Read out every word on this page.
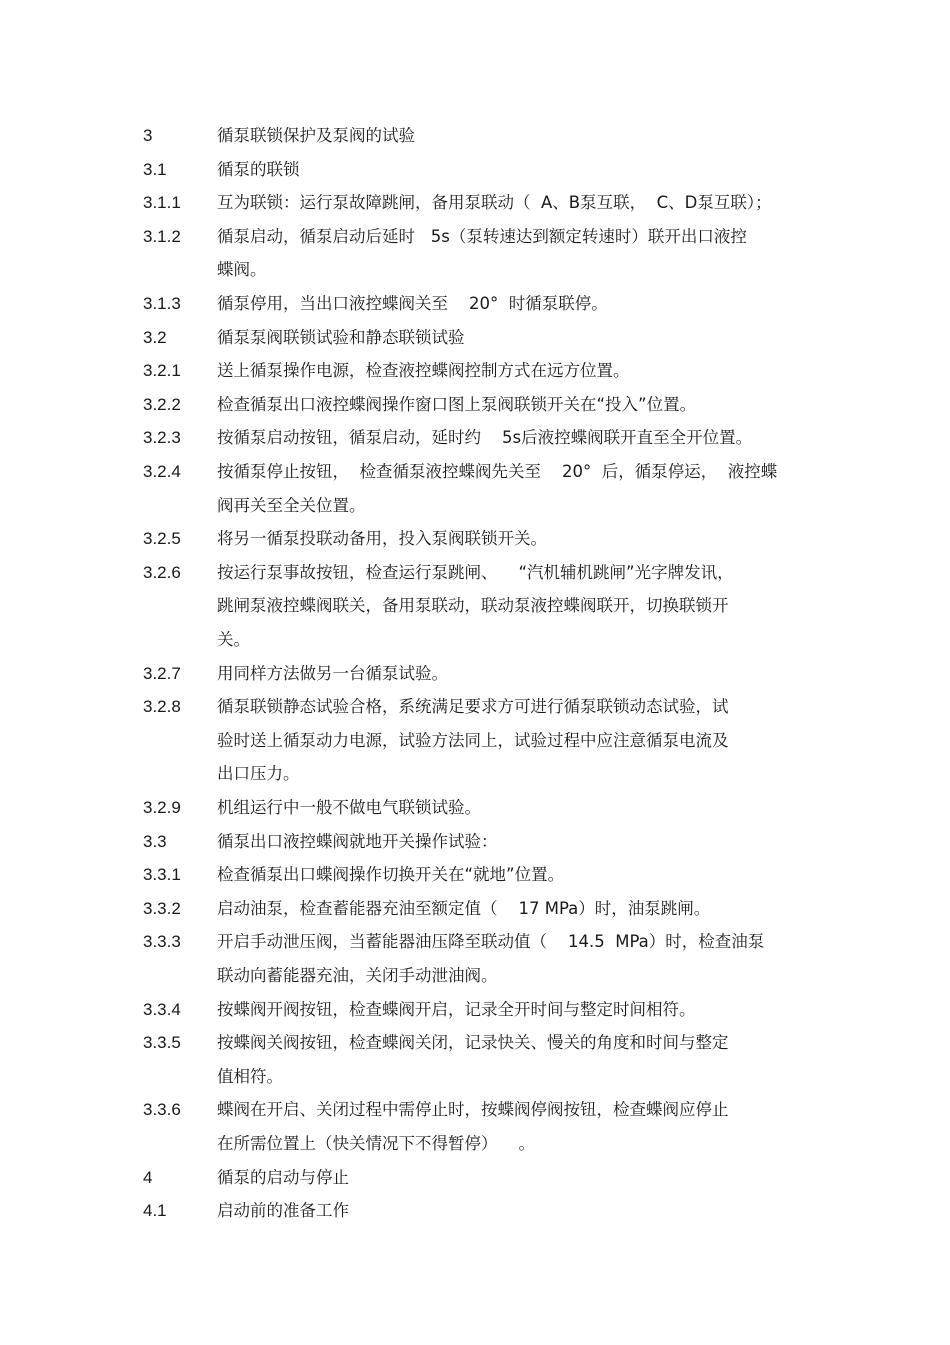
3	循泵联锁保护及泵阀的试验
3.1	循泵的联锁
3.1.1 互为联锁：运行泵故障跳闸，备用泵联动（  A、B泵互联，  C、D泵互联）；
3.1.2 循泵启动，循泵启动后延时   5s（泵转速达到额定转速时）联开出口液控
蝶阀。
3.1.3 循泵停用，当出口液控蝶阀关至    20°  时循泵联停。
3.2	循泵泵阀联锁试验和静态联锁试验
3.2.1 送上循泵操作电源，检查液控蝶阀控制方式在远方位置。
3.2.2 检查循泵出口液控蝶阀操作窗口图上泵阀联锁开关在“投入”位置。
3.2.3 按循泵启动按钮，循泵启动，延时约    5s后液控蝶阀联开直至全开位置。
3.2.4 按循泵停止按钮，  检查循泵液控蝶阀先关至    20°  后，循泵停运，  液控蝶
阀再关至全关位置。
3.2.5 将另一循泵投联动备用，投入泵阀联锁开关。
3.2.6 按运行泵事故按钮，检查运行泵跳闸、    “汽机辅机跳闸”光字牌发讯，
跳闸泵液控蝶阀联关，备用泵联动，联动泵液控蝶阀联开，切换联锁开
关。
3.2.7 用同样方法做另一台循泵试验。
3.2.8 循泵联锁静态试验合格，系统满足要求方可进行循泵联锁动态试验，试
验时送上循泵动力电源，试验方法同上，试验过程中应注意循泵电流及
出口压力。
3.2.9 机组运行中一般不做电气联锁试验。
3.3	循泵出口液控蝶阀就地开关操作试验：
3.3.1 检查循泵出口蝶阀操作切换开关在“就地”位置。
3.3.2 启动油泵，检查蓄能器充油至额定值（    17 MPa）时，油泵跳闸。
3.3.3 开启手动泄压阀，当蓄能器油压降至联动值（    14.5  MPa）时，检查油泵
联动向蓄能器充油，关闭手动泄油阀。
3.3.4 按蝶阀开阀按钮，检查蝶阀开启，记录全开时间与整定时间相符。
3.3.5 按蝶阀关阀按钮，检查蝶阀关闭，记录快关、慢关的角度和时间与整定
值相符。
3.3.6 蝶阀在开启、关闭过程中需停止时，按蝶阀停阀按钮，检查蝶阀应停止
在所需位置上（快关情况下不得暂停）    。
4	循泵的启动与停止
4.1	启动前的准备工作
